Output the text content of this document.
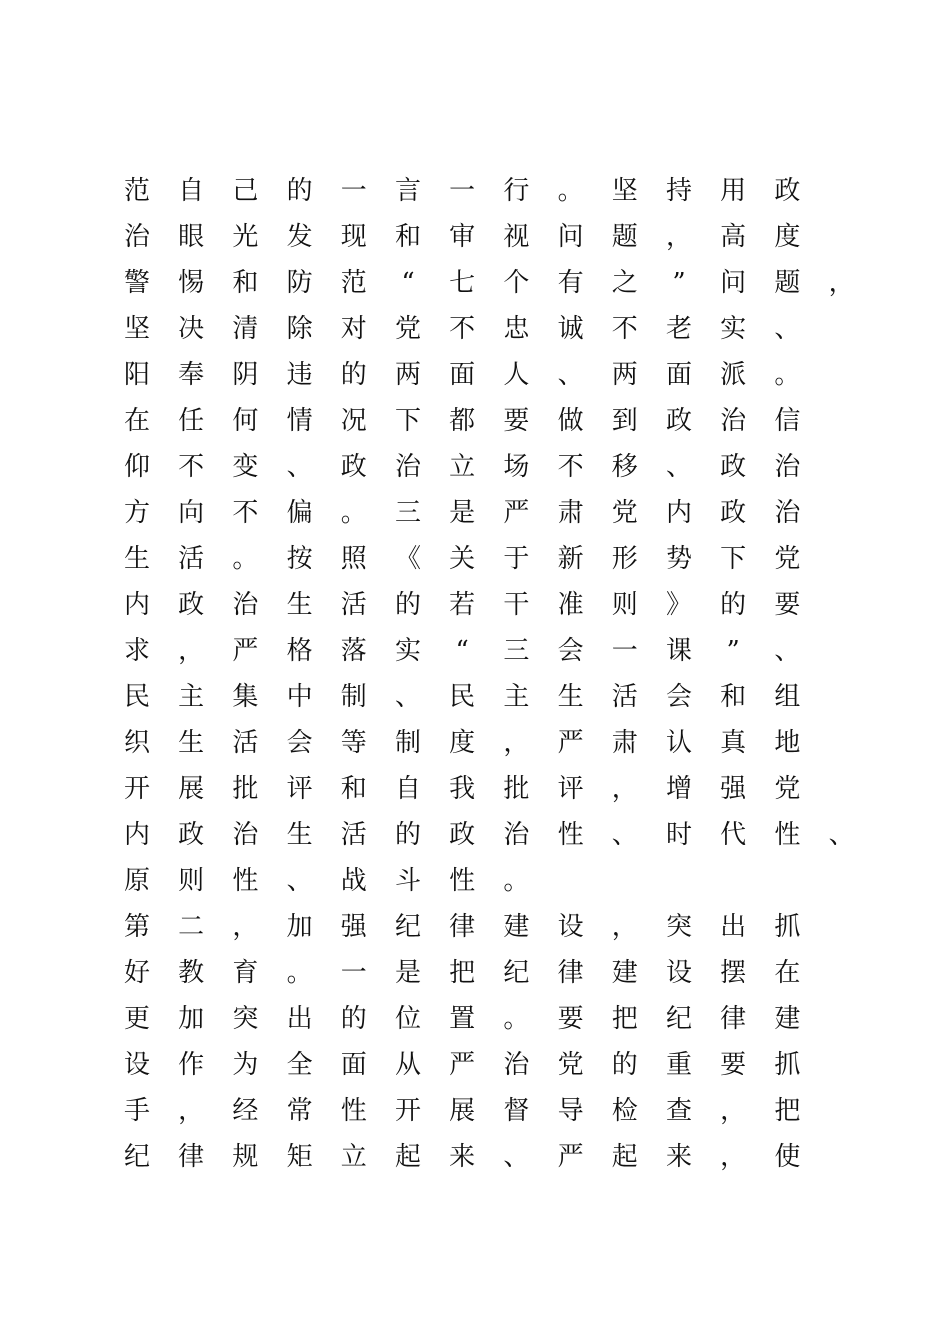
范 自 己 的 一 言 一 行 。 坚 持 用 政
治 眼 光 发 现 和 审 视 问 题 ， 高 度
警 惕 和 防 范	“	七 个 有 之	”	问 题 ，
坚 决 清 除 对 党 不 忠 诚 不 老 实 、
阳 奉 阴 违 的 两 面 人 、 两 面 派 。
在 任 何 情 况 下 都 要 做 到 政 治 信
仰 不 变 、 政 治 立 场 不 移 、 政 治
方 向 不 偏 。 三 是 严 肃 党 内 政 治
生 活 。 按 照 《 关 于 新 形 势 下 党
内 政 治 生 活 的 若 干 准 则 》 的 要
求 ， 严 格 落 实	“	三 会 一 课	”	、
民 主 集 中 制 、 民 主 生 活 会 和 组
织 生 活 会 等 制 度 ， 严 肃 认 真 地
开 展 批 评 和 自 我 批 评 ， 增 强 党
内 政 治 生 活 的 政 治 性 、 时 代 性 、
原 则 性 、 战 斗 性 。
第 二 ， 加 强 纪 律 建 设 ， 突 出 抓
好 教 育 。 一 是 把 纪 律 建 设 摆 在
更 加 突 出 的 位 置 。 要 把 纪 律 建
设 作 为 全 面 从 严 治 党 的 重 要 抓
手 ， 经 常 性 开 展 督 导 检 查 ， 把
纪 律 规 矩 立 起 来 、 严 起 来 ， 使
